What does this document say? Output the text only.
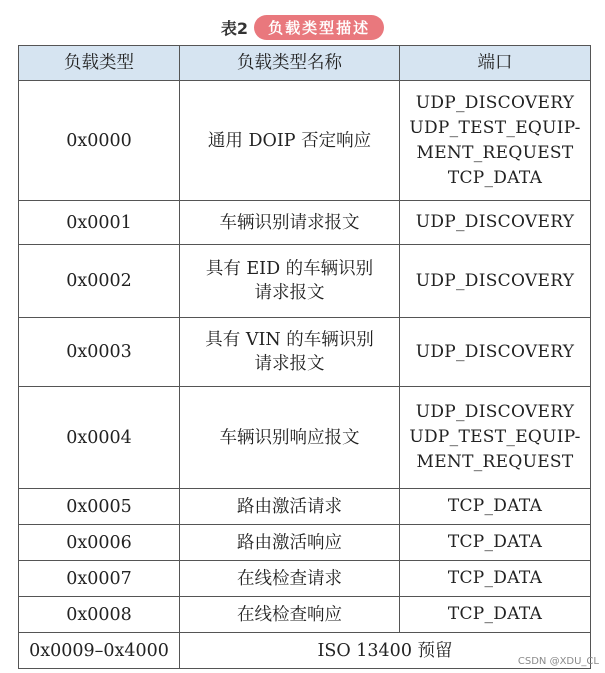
表2	负载类型描述
负载类型	负载类型名称	端口
0x0000	通用 DOIP 否定响应	UDP_DISCOVERY
UDP_TEST_EQUIP-
MENT_REQUEST
TCP_DATA

0x0001	车辆识别请求报文	UDP_DISCOVERY

0x0002	具有 EID 的车辆识别
请求报文	UDP_DISCOVERY

0x0003	具有 VIN 的车辆识别
请求报文	UDP_DISCOVERY

0x0004	车辆识别响应报文	UDP_DISCOVERY
UDP_TEST_EQUIP-
MENT_REQUEST

0x0005	路由激活请求	TCP_DATA

0x0006	路由激活响应	TCP_DATA

0x0007	在线检查请求	TCP_DATA

0x0008	在线检查响应	TCP_DATA

0x0009–0x4000	ISO 13400 预留	
CSDN @XDU_CL
